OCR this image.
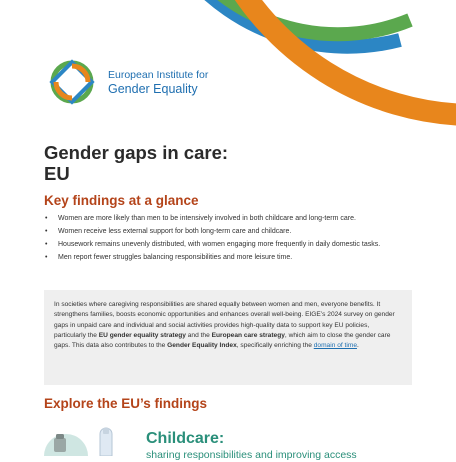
European Institute for
Gender Equality
Gender gaps in care:
EU
Key findings at a glance
• Women are more likely than men to be intensively involved in both childcare and long-term care.
• Women receive less external support for both long-term care and childcare.
• Housework remains unevenly distributed, with women engaging more frequently in daily domestic tasks.
• Men report fewer struggles balancing responsibilities and more leisure time.

In societies where caregiving responsibilities are shared equally between women and men, everyone benefits. It strengthens families, boosts economic opportunities and enhances overall well-being. EIGE’s 2024 survey on gender gaps in unpaid care and individual and social activities provides high-quality data to support key EU policies, particularly the EU gender equality strategy and the European care strategy, which aim to close the gender care gaps. This data also contributes to the Gender Equality Index, specifically enriching the domain of time.

Explore the EU’s findings
Childcare:
sharing responsibilities and improving access
